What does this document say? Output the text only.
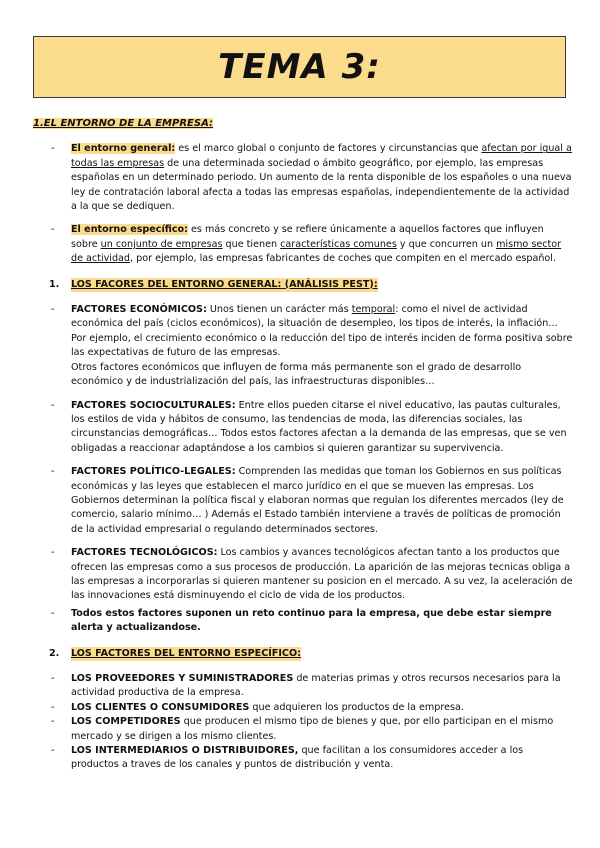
TEMA 3:
1.EL ENTORNO DE LA EMPRESA:
- El entorno general: es el marco global o conjunto de factores y circunstancias que afectan por igual a todas las empresas de una determinada sociedad o ámbito geográfico, por ejemplo, las empresas españolas en un determinado periodo. Un aumento de la renta disponible de los españoles o una nueva ley de contratación laboral afecta a todas las empresas españolas, independientemente de la actividad a la que se dediquen.
- El entorno específico: es más concreto y se refiere únicamente a aquellos factores que influyen sobre un conjunto de empresas que tienen características comunes y que concurren un mismo sector de actividad, por ejemplo, las empresas fabricantes de coches que compiten en el mercado español.
1.	LOS FACORES DEL ENTORNO GENERAL: (ANÁLISIS PEST):
- FACTORES ECONÓMICOS: Unos tienen un carácter más temporal: como el nivel de actividad económica del país (ciclos económicos), la situación de desempleo, los tipos de interés, la inflación… Por ejemplo, el crecimiento económico o la reducción del tipo de interés inciden de forma positiva sobre las expectativas de futuro de las empresas.
Otros factores económicos que influyen de forma más permanente son el grado de desarrollo económico y de industrialización del país, las infraestructuras disponibles…
- FACTORES SOCIOCULTURALES: Entre ellos pueden citarse el nivel educativo, las pautas culturales, los estilos de vida y hábitos de consumo, las tendencias de moda, las diferencias sociales, las circunstancias demográficas… Todos estos factores afectan a la demanda de las empresas, que se ven obligadas a reaccionar adaptándose a los cambios si quieren garantizar su supervivencia.
- FACTORES POLÍTICO-LEGALES: Comprenden las medidas que toman los Gobiernos en sus políticas económicas y las leyes que establecen el marco jurídico en el que se mueven las empresas. Los Gobiernos determinan la política fiscal y elaboran normas que regulan los diferentes mercados (ley de comercio, salario mínimo… ) Además el Estado también interviene a través de políticas de promoción de la actividad empresarial o regulando determinados sectores.
- FACTORES TECNOLÓGICOS: Los cambios y avances tecnológicos afectan tanto a los productos que ofrecen las empresas como a sus procesos de producción. La aparición de las mejoras tecnicas obliga a las empresas a incorporarlas si quieren mantener su posicion en el mercado. A su vez, la aceleración de las innovaciones está disminuyendo el ciclo de vida de los productos.
- Todos estos factores suponen un reto continuo para la empresa, que debe estar siempre alerta y actualizandose.
2.	LOS FACTORES DEL ENTORNO ESPECÍFICO:
- LOS PROVEEDORES Y SUMINISTRADORES de materias primas y otros recursos necesarios para la actividad productiva de la empresa.
- LOS CLIENTES O CONSUMIDORES que adquieren los productos de la empresa.
- LOS COMPETIDORES que producen el mismo tipo de bienes y que, por ello participan en el mismo mercado y se dirigen a los mismo clientes.
- LOS INTERMEDIARIOS O DISTRIBUIDORES, que facilitan a los consumidores acceder a los productos a traves de los canales y puntos de distribución y venta.
